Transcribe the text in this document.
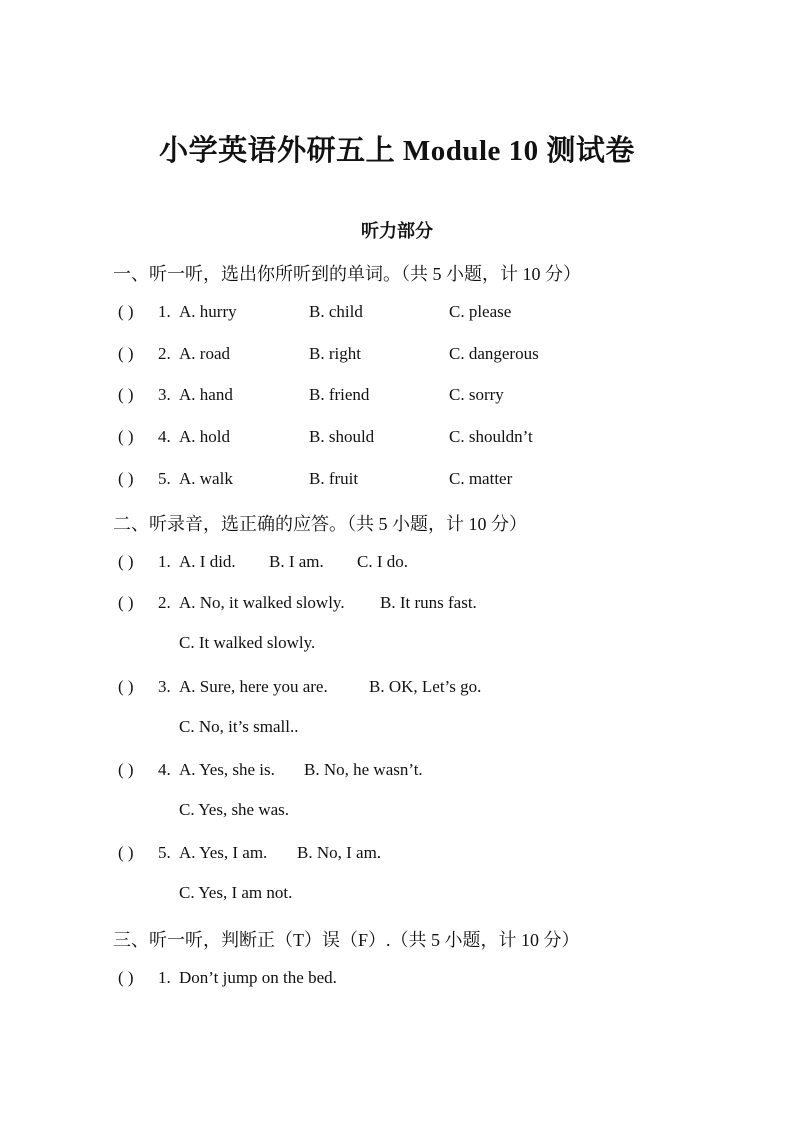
小学英语外研五上 Module 10 测试卷
听力部分
一、听一听，选出你所听到的单词。（共 5 小题，计 10 分）
( ) 1. A. hurry	B. child	C. please
( ) 2. A. road	B. right	C. dangerous
( ) 3. A. hand	B. friend	C. sorry
( ) 4. A. hold	B. should	C. shouldn’t
( ) 5. A. walk	B. fruit	C. matter
二、听录音，选正确的应答。（共 5 小题，计 10 分）
( ) 1. A. I did. B. I am. C. I do.
( ) 2. A. No, it walked slowly. B. It runs fast.
C. It walked slowly.
( ) 3. A. Sure, here you are. B. OK, Let’s go.
C. No, it’s small..
( ) 4. A. Yes, she is. B. No, he wasn’t.
C. Yes, she was.
( ) 5. A. Yes, I am. B. No, I am.
C. Yes, I am not.
三、听一听，判断正（T）误（F）.（共 5 小题，计 10 分）
( ) 1. Don’t jump on the bed.
